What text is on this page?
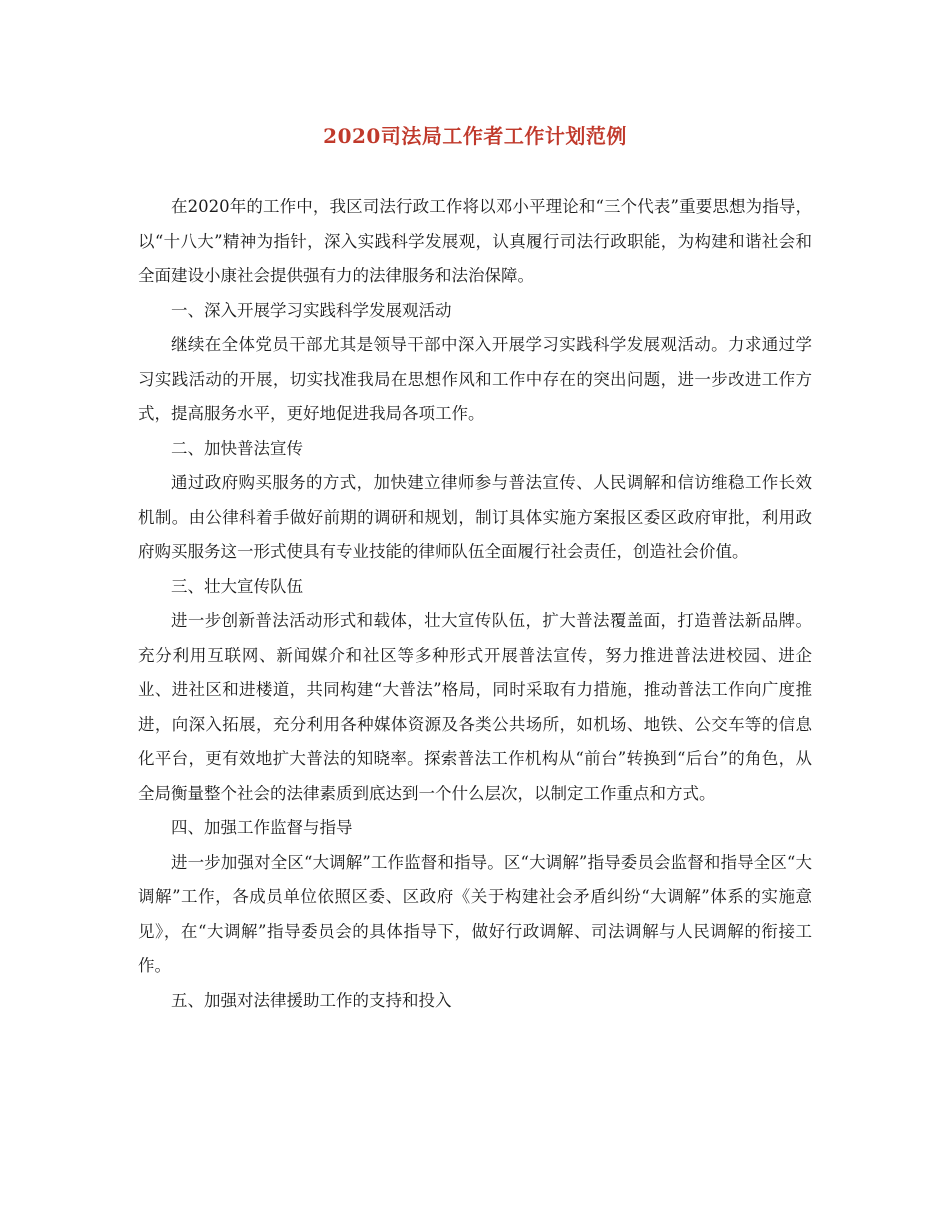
2020司法局工作者工作计划范例

在2020年的工作中，我区司法行政工作将以邓小平理论和“三个代表”重要思想为指导，以“十八大”精神为指针，深入实践科学发展观，认真履行司法行政职能，为构建和谐社会和全面建设小康社会提供强有力的法律服务和法治保障。

一、深入开展学习实践科学发展观活动

继续在全体党员干部尤其是领导干部中深入开展学习实践科学发展观活动。力求通过学习实践活动的开展，切实找准我局在思想作风和工作中存在的突出问题，进一步改进工作方式，提高服务水平，更好地促进我局各项工作。

二、加快普法宣传

通过政府购买服务的方式，加快建立律师参与普法宣传、人民调解和信访维稳工作长效机制。由公律科着手做好前期的调研和规划，制订具体实施方案报区委区政府审批，利用政府购买服务这一形式使具有专业技能的律师队伍全面履行社会责任，创造社会价值。

三、壮大宣传队伍

进一步创新普法活动形式和载体，壮大宣传队伍，扩大普法覆盖面，打造普法新品牌。充分利用互联网、新闻媒介和社区等多种形式开展普法宣传，努力推进普法进校园、进企业、进社区和进楼道，共同构建“大普法”格局，同时采取有力措施，推动普法工作向广度推进，向深入拓展，充分利用各种媒体资源及各类公共场所，如机场、地铁、公交车等的信息化平台，更有效地扩大普法的知晓率。探索普法工作机构从“前台”转换到“后台”的角色，从全局衡量整个社会的法律素质到底达到一个什么层次，以制定工作重点和方式。

四、加强工作监督与指导

进一步加强对全区“大调解”工作监督和指导。区“大调解”指导委员会监督和指导全区“大调解”工作，各成员单位依照区委、区政府《关于构建社会矛盾纠纷“大调解”体系的实施意见》，在“大调解”指导委员会的具体指导下，做好行政调解、司法调解与人民调解的衔接工作。

五、加强对法律援助工作的支持和投入
